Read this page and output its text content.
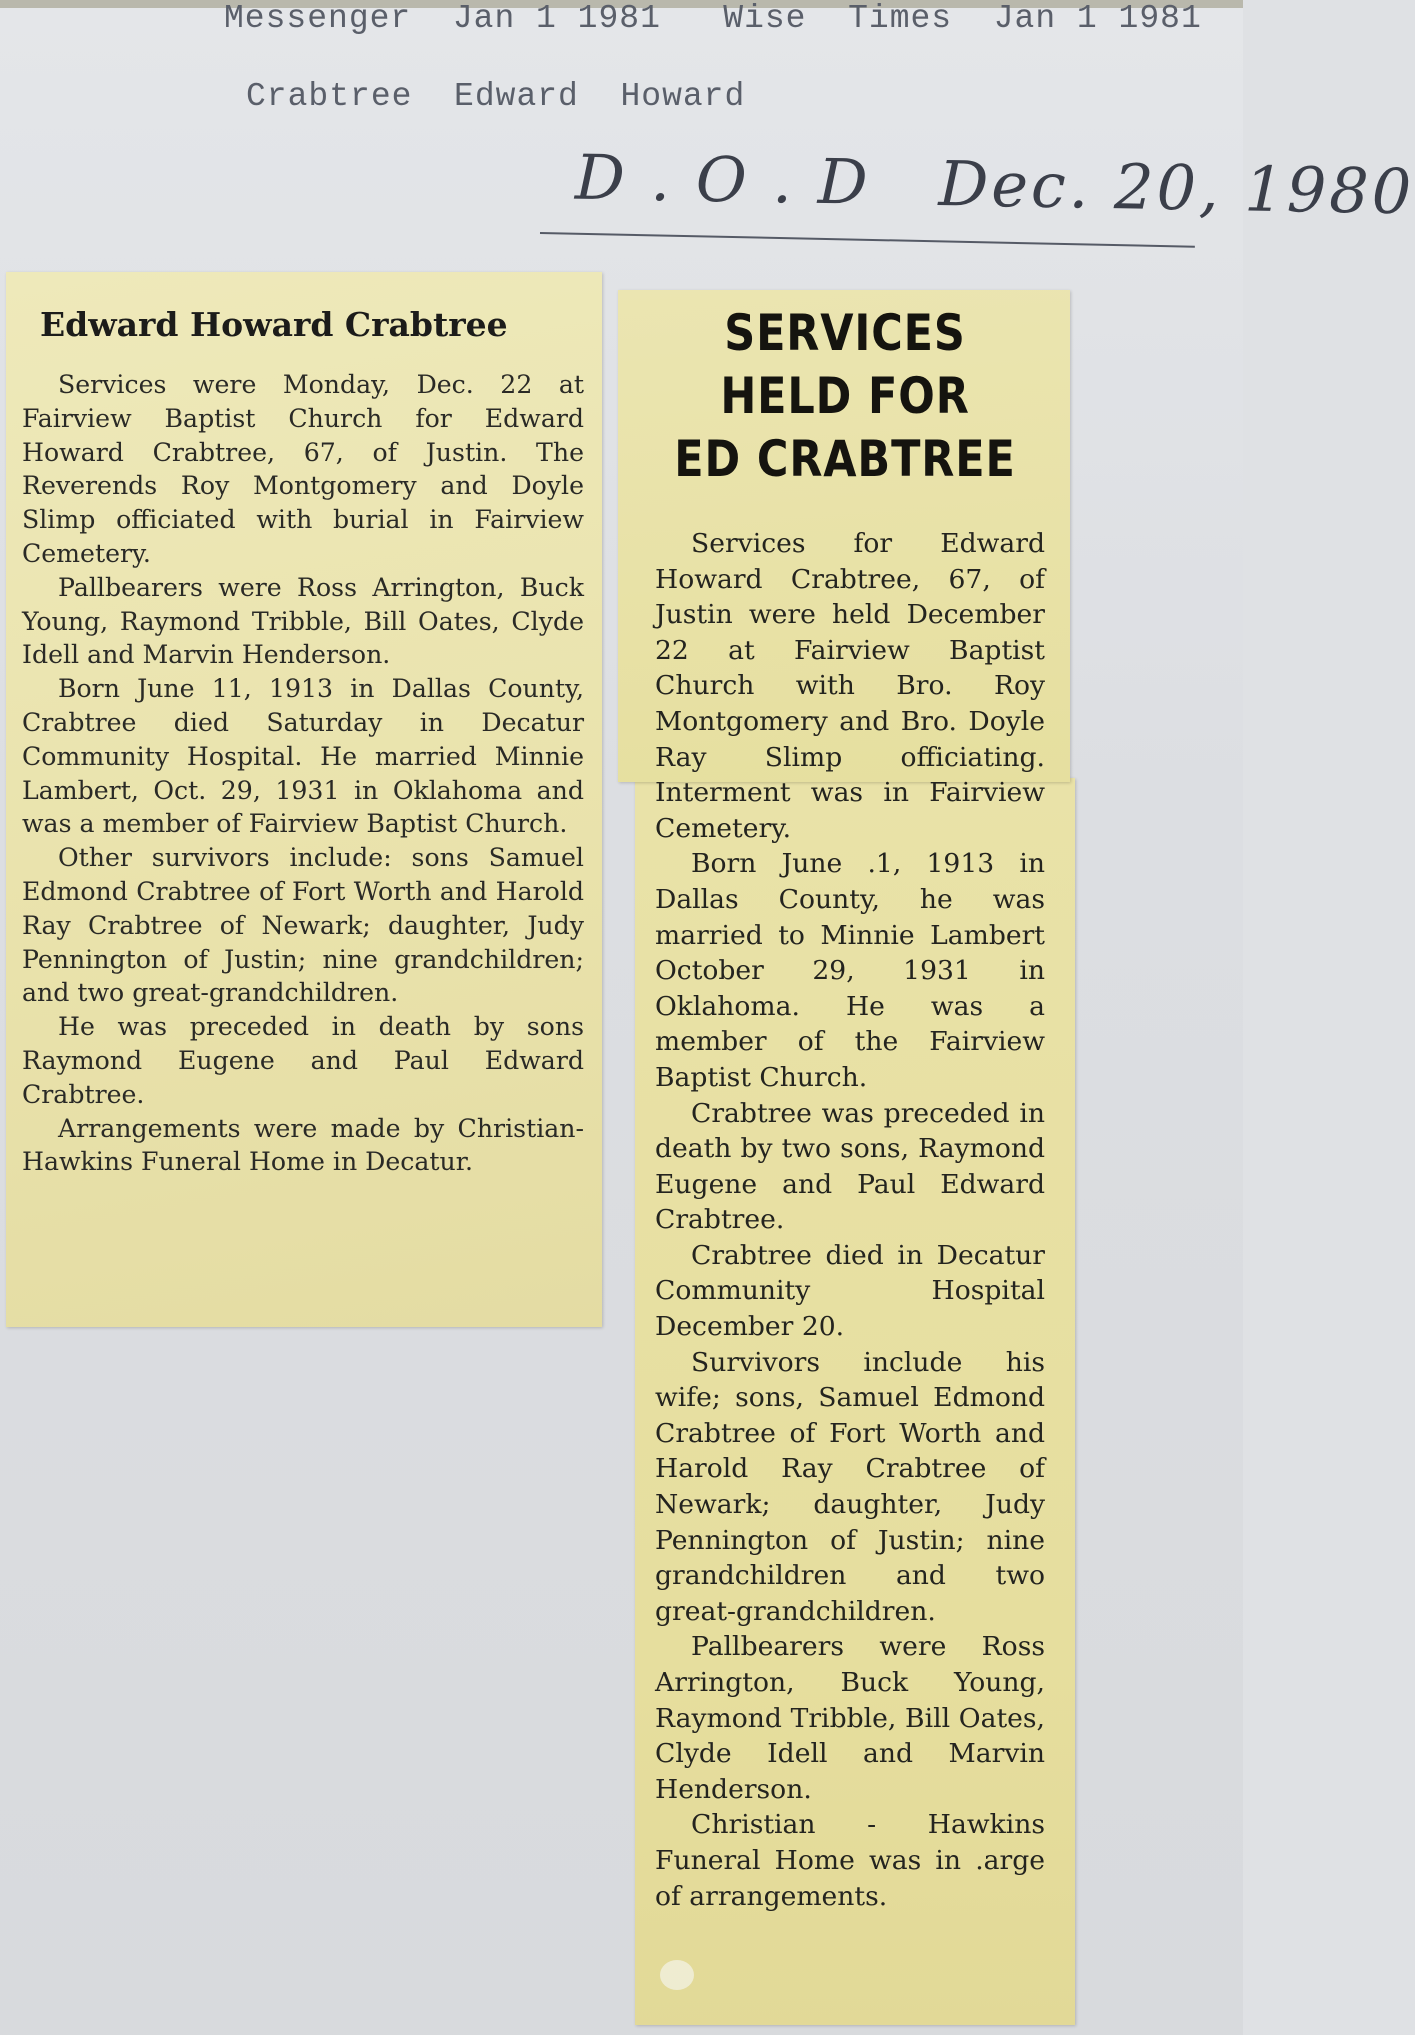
Messenger  Jan 1 1981   Wise  Times  Jan 1 1981
Crabtree  Edward  Howard
D . O . D   Dec. 20, 1980
Edward Howard Crabtree

Services were Monday, Dec. 22 at Fairview Baptist Church for Edward Howard Crabtree, 67, of Justin. The Reverends Roy Montgomery and Doyle Slimp officiated with burial in Fairview Cemetery.

Pallbearers were Ross Arrington, Buck Young, Raymond Tribble, Bill Oates, Clyde Idell and Marvin Henderson.

Born June 11, 1913 in Dallas County, Crabtree died Saturday in Decatur Community Hospital. He married Minnie Lambert, Oct. 29, 1931 in Oklahoma and was a member of Fairview Baptist Church.

Other survivors include: sons Samuel Edmond Crabtree of Fort Worth and Harold Ray Crabtree of Newark; daughter, Judy Pennington of Justin; nine grandchildren; and two great-grandchildren.

He was preceded in death by sons Raymond Eugene and Paul Edward Crabtree.

Arrangements were made by Christian-Hawkins Funeral Home in Decatur.

SERVICES
HELD FOR
ED CRABTREE

Services for Edward Howard Crabtree, 67, of Justin were held December 22 at Fairview Baptist Church with Bro. Roy Montgomery and Bro. Doyle Ray Slimp officiating. Interment was in Fairview Cemetery.

Born June .1, 1913 in Dallas County, he was married to Minnie Lambert October 29, 1931 in Oklahoma. He was a member of the Fairview Baptist Church.

Crabtree was preceded in death by two sons, Raymond Eugene and Paul Edward Crabtree.

Crabtree died in Decatur Community Hospital December 20.

Survivors include his wife; sons, Samuel Edmond Crabtree of Fort Worth and Harold Ray Crabtree of Newark; daughter, Judy Pennington of Justin; nine grandchildren and two great-grandchildren.

Pallbearers were Ross Arrington, Buck Young, Raymond Tribble, Bill Oates, Clyde Idell and Marvin Henderson.

Christian - Hawkins Funeral Home was in .arge of arrangements.
